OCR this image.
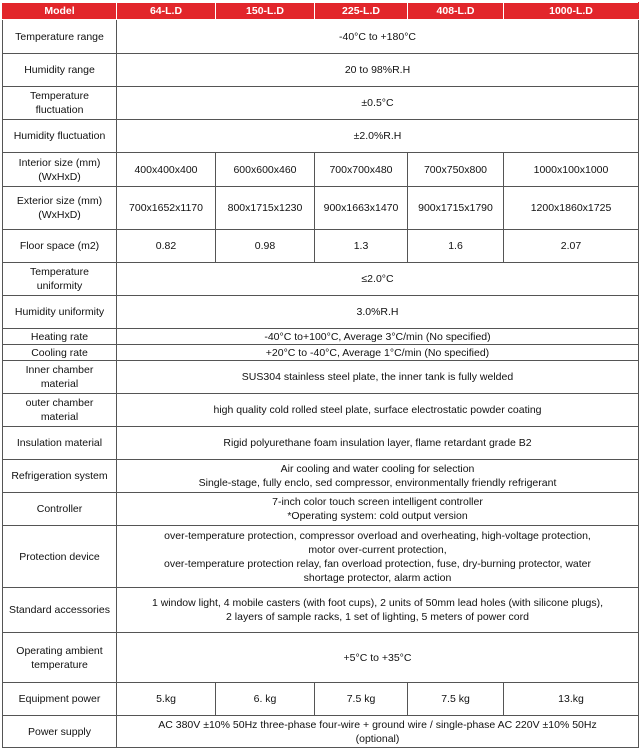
Model	64-L.D	150-L.D	225-L.D	408-L.D	1000-L.D
Temperature range	-40°C to +180°C				
Humidity range	20 to 98%R.H				
Temperature fluctuation	±0.5°C				
Humidity fluctuation	±2.0%R.H				
Interior size (mm) (WxHxD)	400x400x400	600x600x460	700x700x480	700x750x800	1000x100x1000
Exterior size (mm) (WxHxD)	700x1652x1170	800x1715x1230	900x1663x1470	900x1715x1790	1200x1860x1725
Floor space (m2)	0.82	0.98	1.3	1.6	2.07
Temperature uniformity	≤2.0°C				
Humidity uniformity	3.0%R.H				
Heating rate	-40°C to+100°C, Average 3°C/min (No specified)				
Cooling rate	+20°C to -40°C, Average 1°C/min (No specified)				
Inner chamber material	SUS304 stainless steel plate, the inner tank is fully welded				
outer chamber material	high quality cold rolled steel plate, surface electrostatic powder coating				
Insulation material	Rigid polyurethane foam insulation layer, flame retardant grade B2				
Refrigeration system	Air cooling and water cooling for selection
Single-stage, fully enclo, sed compressor, environmentally friendly refrigerant				

Controller	7-inch color touch screen intelligent controller
*Operating system: cold output version				

Protection device	over-temperature protection, compressor overload and overheating, high-voltage protection,
motor over-current protection,
over-temperature protection relay, fan overload protection, fuse, dry-burning protector, water
shortage protector, alarm action				

Standard accessories	1 window light, 4 mobile casters (with foot cups), 2 units of 50mm lead holes (with silicone plugs),
2 layers of sample racks, 1 set of lighting, 5 meters of power cord				

Operating ambient temperature	+5°C to +35°C				
Equipment power	5.kg	6. kg	7.5 kg	7.5 kg	13.kg
Power supply	AC 380V ±10% 50Hz three-phase four-wire + ground wire / single-phase AC 220V ±10% 50Hz
(optional)				
